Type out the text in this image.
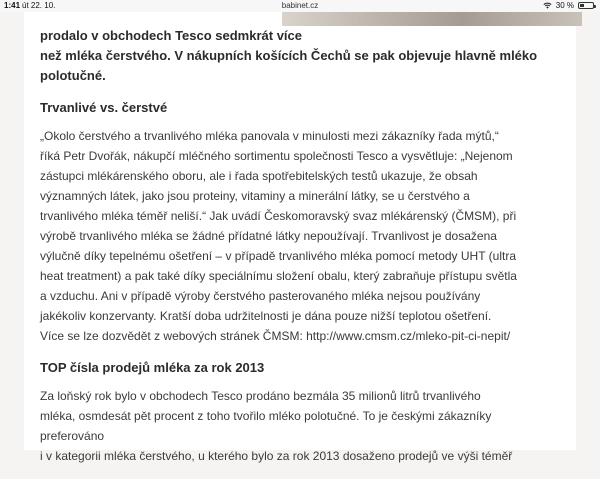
1:41 út 22. 10.	babinet.cz	30 %
prodalo v obchodech Tesco sedmkrát více
než mléka čerstvého. V nákupních košících Čechů se pak objevuje hlavně mléko
polotučné.
Trvanlivé vs. čerstvé

„Okolo čerstvého a trvanlivého mléka panovala v minulosti mezi zákazníky řada mýtů,“
říká Petr Dvořák, nákupčí mléčného sortimentu společnosti Tesco a vysvětluje: „Nejenom
zástupci mlékárenského oboru, ale i řada spotřebitelských testů ukazuje, že obsah
významných látek, jako jsou proteiny, vitaminy a minerální látky, se u čerstvého a
trvanlivého mléka téměř neliší.“ Jak uvádí Českomoravský svaz mlékárenský (ČMSM), při
výrobě trvanlivého mléka se žádné přídatné látky nepoužívají. Trvanlivost je dosažena
výlučně díky tepelnému ošetření – v případě trvanlivého mléka pomocí metody UHT (ultra
heat treatment) a pak také díky speciálnímu složení obalu, který zabraňuje přístupu světla
a vzduchu. Ani v případě výroby čerstvého pasterovaného mléka nejsou používány
jakékoliv konzervanty. Kratší doba udržitelnosti je dána pouze nižší teplotou ošetření.
Více se lze dozvědět z webových stránek ČMSM: http://www.cmsm.cz/mleko-pit-ci-nepit/

TOP čísla prodejů mléka za rok 2013

Za loňský rok bylo v obchodech Tesco prodáno bezmála 35 milionů litrů trvanlivého
mléka, osmdesát pět procent z toho tvořilo mléko polotučné. To je českými zákazníky
preferováno
i v kategorii mléka čerstvého, u kterého bylo za rok 2013 dosaženo prodejů ve výši téměř
